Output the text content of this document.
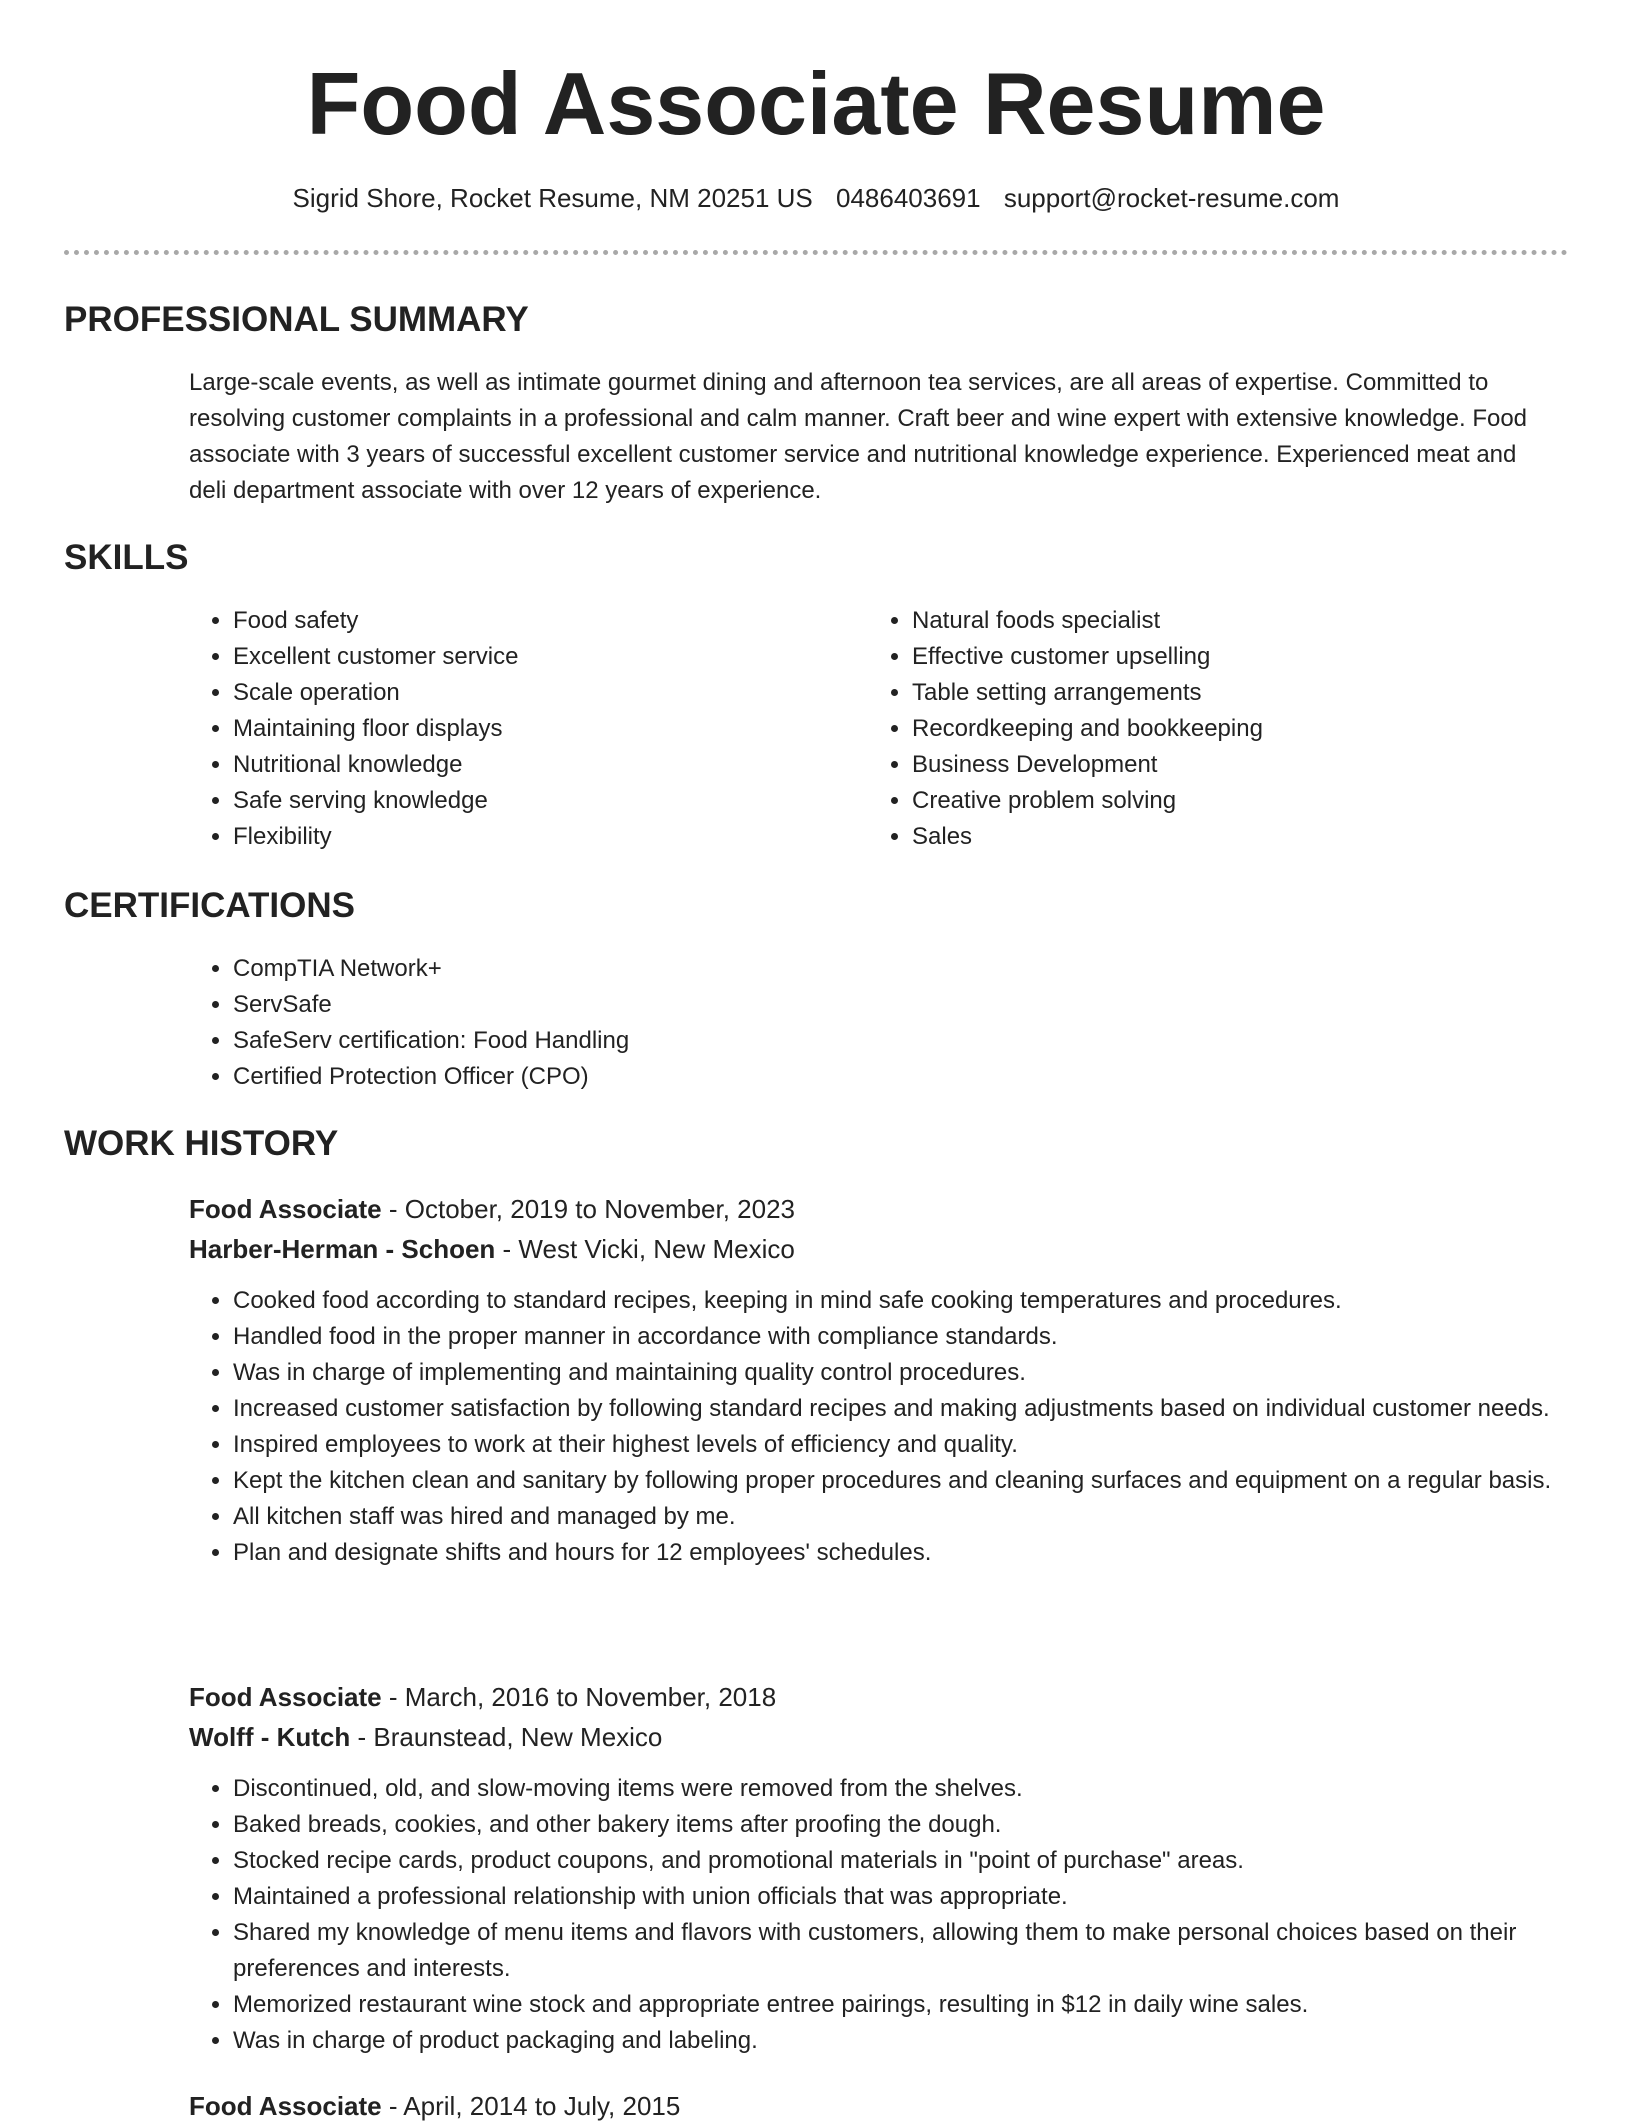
Food Associate Resume
Sigrid Shore, Rocket Resume, NM 20251 US 0486403691 support@rocket-resume.com
PROFESSIONAL SUMMARY
Large-scale events, as well as intimate gourmet dining and afternoon tea services, are all areas of expertise. Committed to resolving customer complaints in a professional and calm manner. Craft beer and wine expert with extensive knowledge. Food associate with 3 years of successful excellent customer service and nutritional knowledge experience. Experienced meat and deli department associate with over 12 years of experience.
SKILLS
• Food safety
• Excellent customer service
• Scale operation
• Maintaining floor displays
• Nutritional knowledge
• Safe serving knowledge
• Flexibility
• Natural foods specialist
• Effective customer upselling
• Table setting arrangements
• Recordkeeping and bookkeeping
• Business Development
• Creative problem solving
• Sales
CERTIFICATIONS
• CompTIA Network+
• ServSafe
• SafeServ certification: Food Handling
• Certified Protection Officer (CPO)
WORK HISTORY
Food Associate - October, 2019 to November, 2023
Harber-Herman - Schoen - West Vicki, New Mexico
• Cooked food according to standard recipes, keeping in mind safe cooking temperatures and procedures.
• Handled food in the proper manner in accordance with compliance standards.
• Was in charge of implementing and maintaining quality control procedures.
• Increased customer satisfaction by following standard recipes and making adjustments based on individual customer needs.
• Inspired employees to work at their highest levels of efficiency and quality.
• Kept the kitchen clean and sanitary by following proper procedures and cleaning surfaces and equipment on a regular basis.
• All kitchen staff was hired and managed by me.
• Plan and designate shifts and hours for 12 employees' schedules.
Food Associate - March, 2016 to November, 2018
Wolff - Kutch - Braunstead, New Mexico
• Discontinued, old, and slow-moving items were removed from the shelves.
• Baked breads, cookies, and other bakery items after proofing the dough.
• Stocked recipe cards, product coupons, and promotional materials in "point of purchase" areas.
• Maintained a professional relationship with union officials that was appropriate.
• Shared my knowledge of menu items and flavors with customers, allowing them to make personal choices based on their preferences and interests.
• Memorized restaurant wine stock and appropriate entree pairings, resulting in $12 in daily wine sales.
• Was in charge of product packaging and labeling.
Food Associate - April, 2014 to July, 2015
